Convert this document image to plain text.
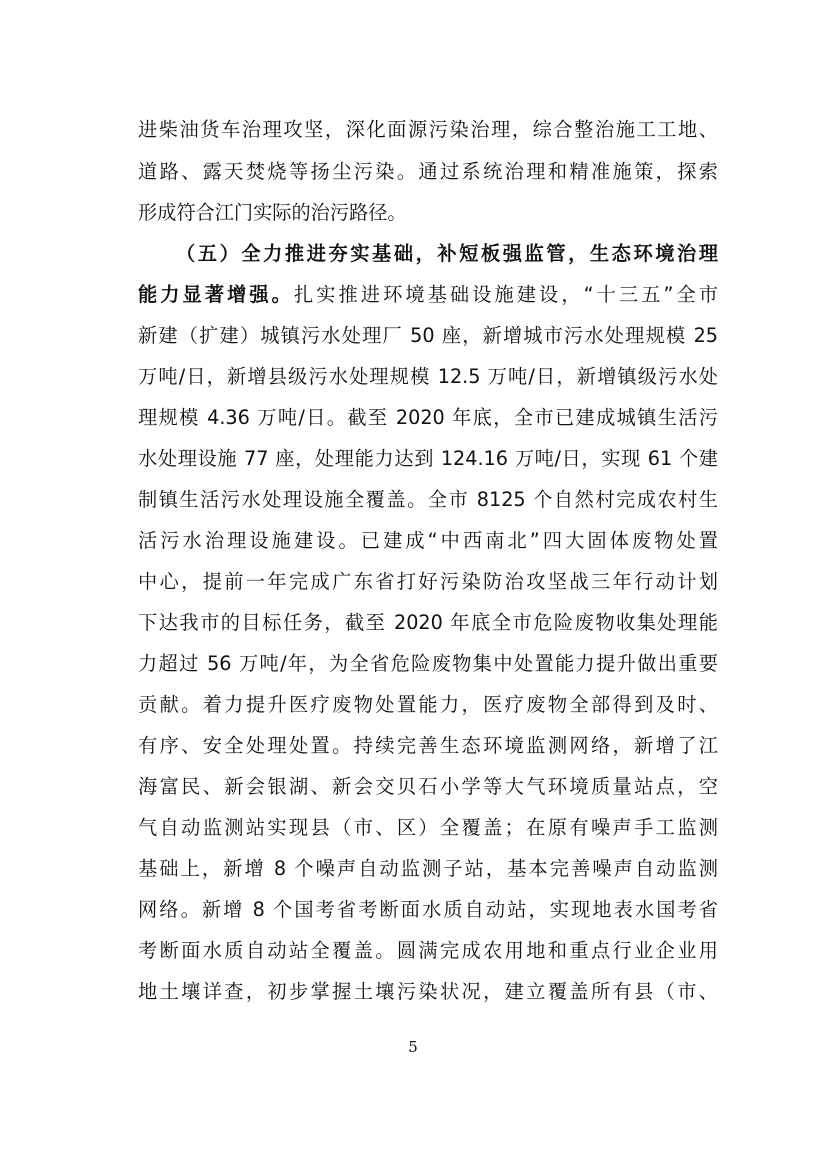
进柴油货车治理攻坚，深化面源污染治理，综合整治施工工地、
道路、露天焚烧等扬尘污染。通过系统治理和精准施策，探索
形成符合江门实际的治污路径。
（五）全力推进夯实基础，补短板强监管，生态环境治理
能力显著增强。扎实推进环境基础设施建设，“十三五”全市
新建（扩建）城镇污水处理厂 50 座，新增城市污水处理规模 25
万吨/日，新增县级污水处理规模 12.5 万吨/日，新增镇级污水处
理规模 4.36 万吨/日。截至 2020 年底，全市已建成城镇生活污
水处理设施 77 座，处理能力达到 124.16 万吨/日，实现 61 个建
制镇生活污水处理设施全覆盖。全市 8125 个自然村完成农村生
活污水治理设施建设。已建成“中西南北”四大固体废物处置
中心，提前一年完成广东省打好污染防治攻坚战三年行动计划
下达我市的目标任务，截至 2020 年底全市危险废物收集处理能
力超过 56 万吨/年，为全省危险废物集中处置能力提升做出重要
贡献。着力提升医疗废物处置能力，医疗废物全部得到及时、
有序、安全处理处置。持续完善生态环境监测网络，新增了江
海富民、新会银湖、新会交贝石小学等大气环境质量站点，空
气自动监测站实现县（市、区）全覆盖；在原有噪声手工监测
基础上，新增 8 个噪声自动监测子站，基本完善噪声自动监测
网络。新增 8 个国考省考断面水质自动站，实现地表水国考省
考断面水质自动站全覆盖。圆满完成农用地和重点行业企业用
地土壤详查，初步掌握土壤污染状况，建立覆盖所有县（市、
5
